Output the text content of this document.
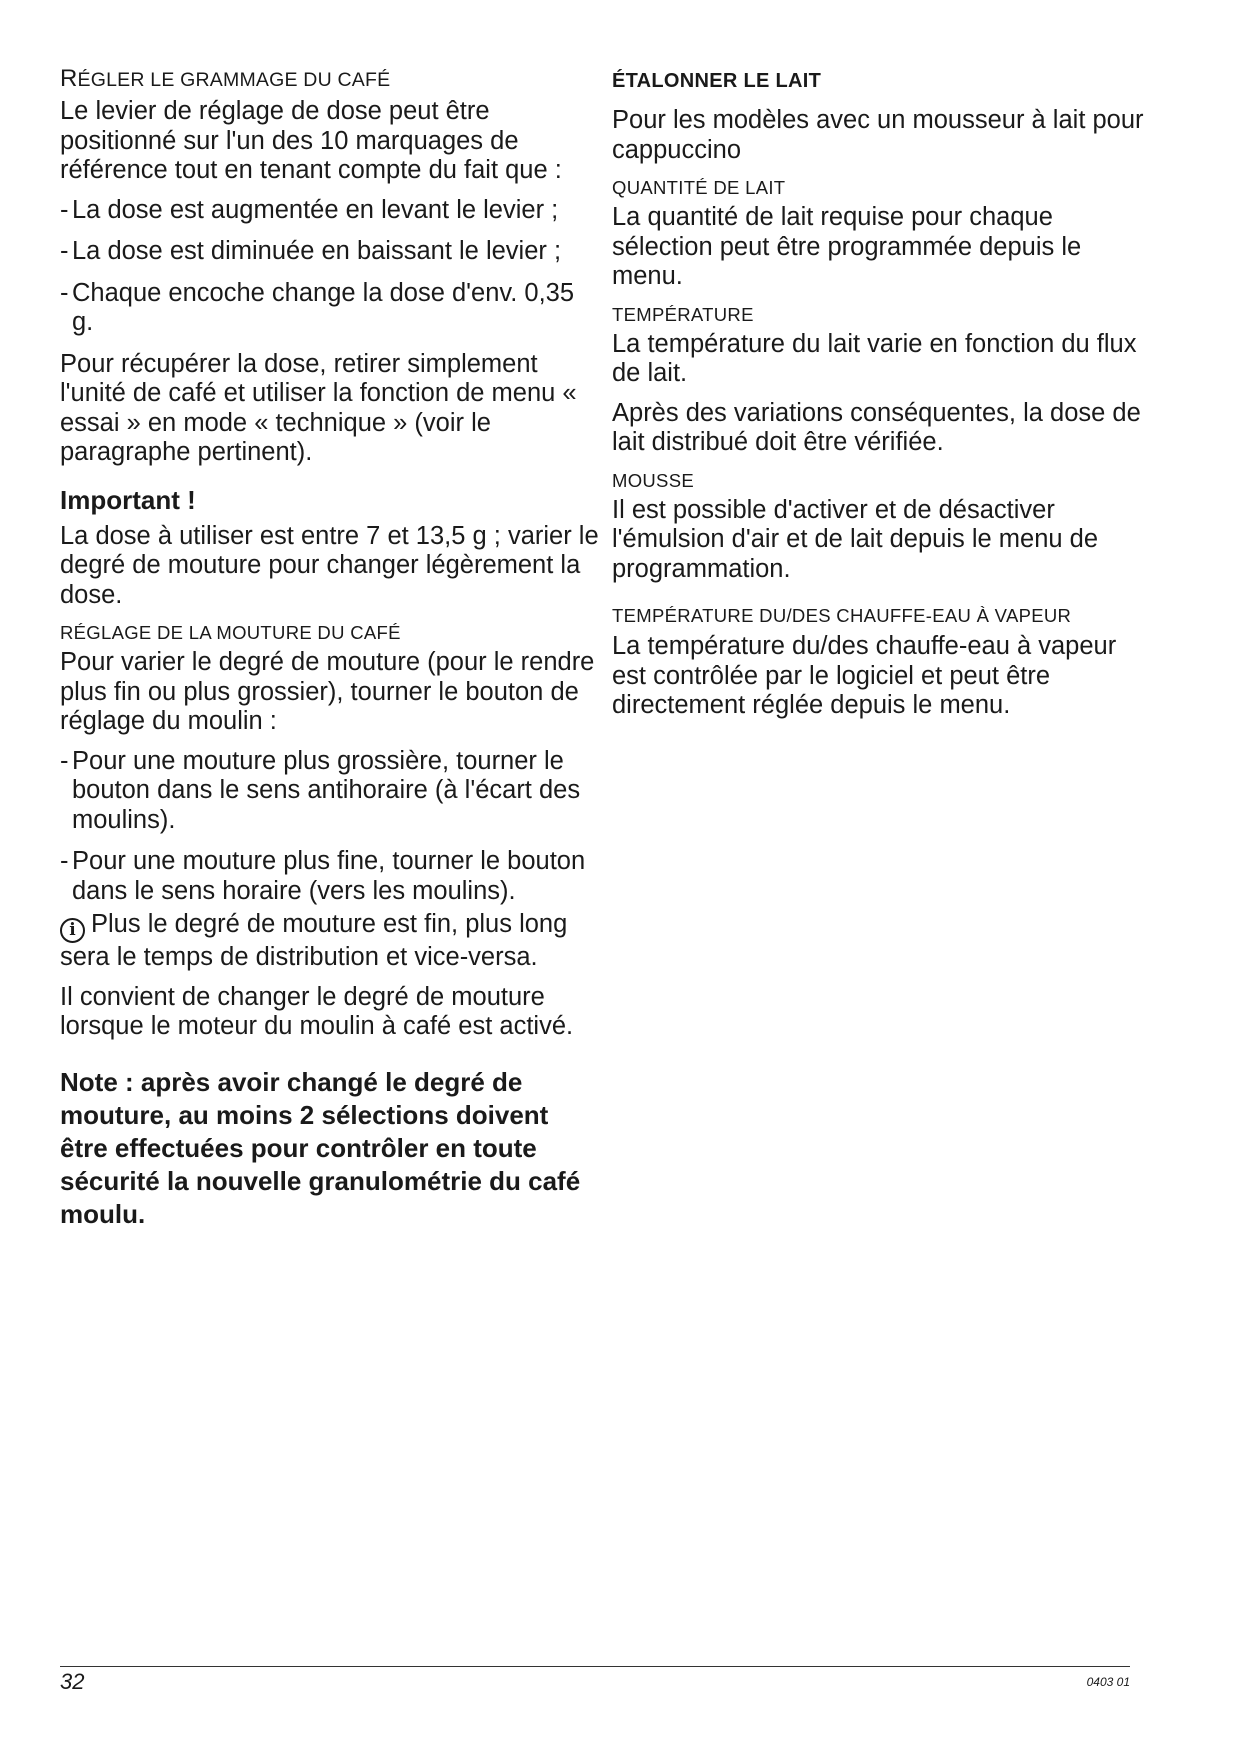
RÉGLER LE GRAMMAGE DU CAFÉ

Le levier de réglage de dose peut être positionné sur l'un des 10 marquages de référence tout en tenant compte du fait que :

- La dose est augmentée en levant le levier ;
- La dose est diminuée en baissant le levier ;
- Chaque encoche change la dose d'env. 0,35 g.

Pour récupérer la dose, retirer simplement l'unité de café et utiliser la fonction de menu « essai » en mode « technique » (voir le paragraphe pertinent).

Important !

La dose à utiliser est entre 7 et 13,5 g ; varier le degré de mouture pour changer légèrement la dose.

RÉGLAGE DE LA MOUTURE DU CAFÉ

Pour varier le degré de mouture (pour le rendre plus fin ou plus grossier), tourner le bouton de réglage du moulin :

- Pour une mouture plus grossière, tourner le bouton dans le sens antihoraire (à l'écart des moulins).
- Pour une mouture plus fine, tourner le bouton dans le sens horaire (vers les moulins).

i Plus le degré de mouture est fin, plus long sera le temps de distribution et vice-versa.

Il convient de changer le degré de mouture lorsque le moteur du moulin à café est activé.

Note : après avoir changé le degré de mouture, au moins 2 sélections doivent être effectuées pour contrôler en toute sécurité la nouvelle granulométrie du café moulu.
ÉTALONNER LE LAIT

Pour les modèles avec un mousseur à lait pour cappuccino

QUANTITÉ DE LAIT

La quantité de lait requise pour chaque sélection peut être programmée depuis le menu.

TEMPÉRATURE

La température du lait varie en fonction du flux de lait.

Après des variations conséquentes, la dose de lait distribué doit être vérifiée.

MOUSSE

Il est possible d'activer et de désactiver l'émulsion d'air et de lait depuis le menu de programmation.

TEMPÉRATURE DU/DES CHAUFFE-EAU À VAPEUR

La température du/des chauffe-eau à vapeur est contrôlée par le logiciel et peut être directement réglée depuis le menu.

32	0403 01
